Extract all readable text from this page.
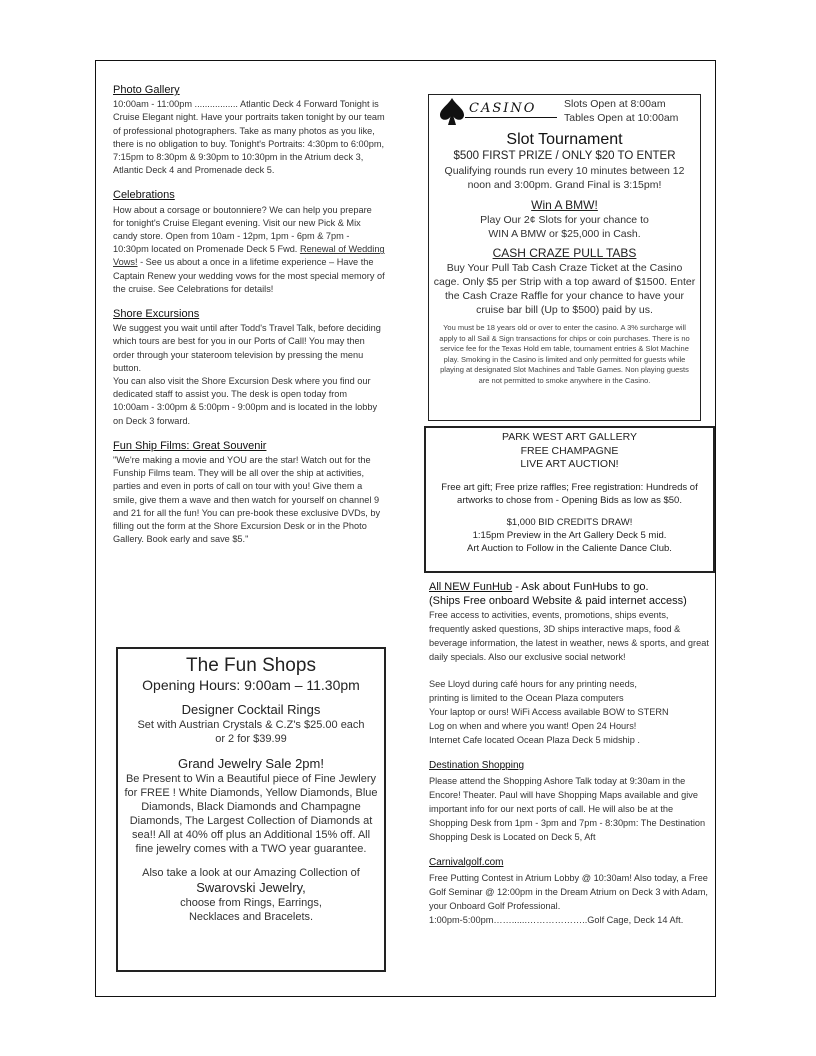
Photo Gallery
10:00am - 11:00pm ................. Atlantic Deck 4 Forward Tonight is Cruise Elegant night. Have your portraits taken tonight by our team of professional photographers. Take as many photos as you like, there is no obligation to buy. Tonight's Portraits: 4:30pm to 6:00pm, 7:15pm to 8:30pm & 9:30pm to 10:30pm in the Atrium deck 3, Atlantic Deck 4 and Promenade deck 5.
Celebrations
How about a corsage or boutonniere? We can help you prepare for tonight's Cruise Elegant evening. Visit our new Pick & Mix candy store. Open from 10am - 12pm, 1pm - 6pm & 7pm - 10:30pm located on Promenade Deck 5 Fwd. Renewal of Wedding Vows! - See us about a once in a lifetime experience – Have the Captain Renew your wedding vows for the most special memory of the cruise. See Celebrations for details!
Shore Excursions
We suggest you wait until after Todd's Travel Talk, before deciding which tours are best for you in our Ports of Call! You may then order through your stateroom television by pressing the menu button.
You can also visit the Shore Excursion Desk where you find our dedicated staff to assist you. The desk is open today from 10:00am - 3:00pm & 5:00pm - 9:00pm and is located in the lobby on Deck 3 forward.
Fun Ship Films: Great Souvenir
"We're making a movie and YOU are the star! Watch out for the Funship Films team. They will be all over the ship at activities, parties and even in ports of call on tour with you! Give them a smile, give them a wave and then watch for yourself on channel 9 and 21 for all the fun! You can pre-book these exclusive DVDs, by filling out the form at the Shore Excursion Desk or in the Photo Gallery. Book early and save $5."
CASINO	Slots Open at 8:00am
Tables Open at 10:00am
Slot Tournament
$500 FIRST PRIZE / ONLY $20 TO ENTER
Qualifying rounds run every 10 minutes between 12 noon and 3:00pm. Grand Final is 3:15pm!
Win A BMW!
Play Our 2¢ Slots for your chance to WIN A BMW or $25,000 in Cash.
CASH CRAZE PULL TABS
Buy Your Pull Tab Cash Craze Ticket at the Casino cage. Only $5 per Strip with a top award of $1500. Enter the Cash Craze Raffle for your chance to have your cruise bar bill (Up to $500) paid by us.
You must be 18 years old or over to enter the casino. A 3% surcharge will apply to all Sail & Sign transactions for chips or coin purchases. There is no service fee for the Texas Hold em table, tournament entries & Slot Machine play. Smoking in the Casino is limited and only permitted for guests while playing at designated Slot Machines and Table Games. Non playing guests are not permitted to smoke anywhere in the Casino.
PARK WEST ART GALLERY
FREE CHAMPAGNE
LIVE ART AUCTION!
Free art gift; Free prize raffles; Free registration: Hundreds of artworks to chose from - Opening Bids as low as $50.
$1,000 BID CREDITS DRAW!
1:15pm Preview in the Art Gallery Deck 5 mid.
Art Auction to Follow in the Caliente Dance Club.
All NEW FunHub - Ask about FunHubs to go.
(Ships Free onboard Website & paid internet access)
Free access to activities, events, promotions, ships events, frequently asked questions, 3D ships interactive maps, food & beverage information, the latest in weather, news & sports, and great daily specials. Also our exclusive social network!
See Lloyd during café hours for any printing needs,
printing is limited to the Ocean Plaza computers
Your laptop or ours! WiFi Access available BOW to STERN
Log on when and where you want! Open 24 Hours!
Internet Cafe located Ocean Plaza Deck 5 midship .
Destination Shopping
Please attend the Shopping Ashore Talk today at 9:30am in the Encore! Theater. Paul will have Shopping Maps available and give important info for our next ports of call. He will also be at the Shopping Desk from 1pm - 3pm and 7pm - 8:30pm: The Destination Shopping Desk is Located on Deck 5, Aft
Carnivalgolf.com
Free Putting Contest in Atrium Lobby @ 10:30am! Also today, a Free Golf Seminar @ 12:00pm in the Dream Atrium on Deck 3 with Adam, your Onboard Golf Professional.
1:00pm-5:00pm……......………………..Golf Cage, Deck 14 Aft.
The Fun Shops
Opening Hours: 9:00am – 11.30pm
Designer Cocktail Rings
Set with Austrian Crystals & C.Z's $25.00 each or 2 for $39.99
Grand Jewelry Sale 2pm!
Be Present to Win a Beautiful piece of Fine Jewlery for FREE ! White Diamonds, Yellow Diamonds, Blue Diamonds, Black Diamonds and Champagne Diamonds, The Largest Collection of Diamonds at sea!! All at 40% off plus an Additional 15% off. All fine jewelry comes with a TWO year guarantee.
Also take a look at our Amazing Collection of
Swarovski Jewelry,
choose from Rings, Earrings, Necklaces and Bracelets.
